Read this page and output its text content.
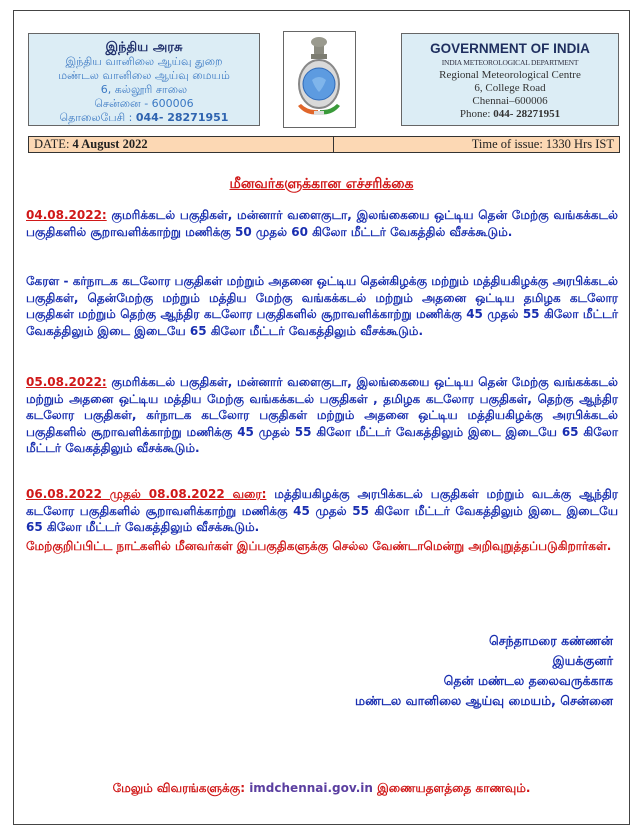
இந்திய அரசு
இந்திய வானிலை ஆய்வு துறை
மண்டல வானிலை ஆய்வு மையம்
6, கல்லூரி சாலை
சென்னை - 600006
தொலைபேசி : 044- 28271951
GOVERNMENT OF INDIA
INDIA METEOROLOGICAL DEPARTMENT
Regional Meteorological Centre
6, College Road
Chennai–600006
Phone: 044- 28271951
DATE: 4 August 2022	Time of issue: 1330 Hrs IST
மீனவர்களுக்கான எச்சரிக்கை
04.08.2022: குமரிக்கடல் பகுதிகள், மன்னார் வளைகுடா, இலங்கையை ஒட்டிய தென் மேற்கு வங்கக்கடல் பகுதிகளில் சூறாவளிக்காற்று மணிக்கு 50 முதல் 60 கிலோ மீட்டர் வேகத்தில் வீசக்கூடும்.
கேரள - கர்நாடக கடலோர பகுதிகள் மற்றும் அதனை ஒட்டிய தென்கிழக்கு மற்றும் மத்தியகிழக்கு அரபிக்கடல் பகுதிகள், தென்மேற்கு மற்றும் மத்திய மேற்கு வங்கக்கடல் மற்றும் அதனை ஒட்டிய தமிழக கடலோர பகுதிகள் மற்றும் தெற்கு ஆந்திர கடலோர பகுதிகளில் சூறாவளிக்காற்று மணிக்கு 45 முதல் 55 கிலோ மீட்டர் வேகத்திலும் இடை இடையே 65 கிலோ மீட்டர் வேகத்திலும் வீசக்கூடும்.
05.08.2022: குமரிக்கடல் பகுதிகள், மன்னார் வளைகுடா, இலங்கையை ஒட்டிய தென் மேற்கு வங்கக்கடல் மற்றும் அதனை ஒட்டிய மத்திய மேற்கு வங்கக்கடல் பகுதிகள் , தமிழக கடலோர பகுதிகள், தெற்கு ஆந்திர கடலோர பகுதிகள், கர்நாடக கடலோர பகுதிகள் மற்றும் அதனை ஒட்டிய மத்தியகிழக்கு அரபிக்கடல் பகுதிகளில் சூறாவளிக்காற்று மணிக்கு 45 முதல் 55 கிலோ மீட்டர் வேகத்திலும் இடை இடையே 65 கிலோ மீட்டர் வேகத்திலும் வீசக்கூடும்.
06.08.2022 முதல் 08.08.2022 வரை: மத்தியகிழக்கு அரபிக்கடல் பகுதிகள் மற்றும் வடக்கு ஆந்திர கடலோர பகுதிகளில் சூறாவளிக்காற்று மணிக்கு 45 முதல் 55 கிலோ மீட்டர் வேகத்திலும் இடை இடையே 65 கிலோ மீட்டர் வேகத்திலும் வீசக்கூடும்.
மேற்குறிப்பிட்ட நாட்களில் மீனவர்கள் இப்பகுதிகளுக்கு செல்ல வேண்டாமென்று அறிவுறுத்தப்படுகிறார்கள்.
செந்தாமரை கண்ணன்
இயக்குனர்
தென் மண்டல தலைவருக்காக
மண்டல வானிலை ஆய்வு மையம், சென்னை
மேலும் விவரங்களுக்கு: imdchennai.gov.in இணையதளத்தை காணவும்.
